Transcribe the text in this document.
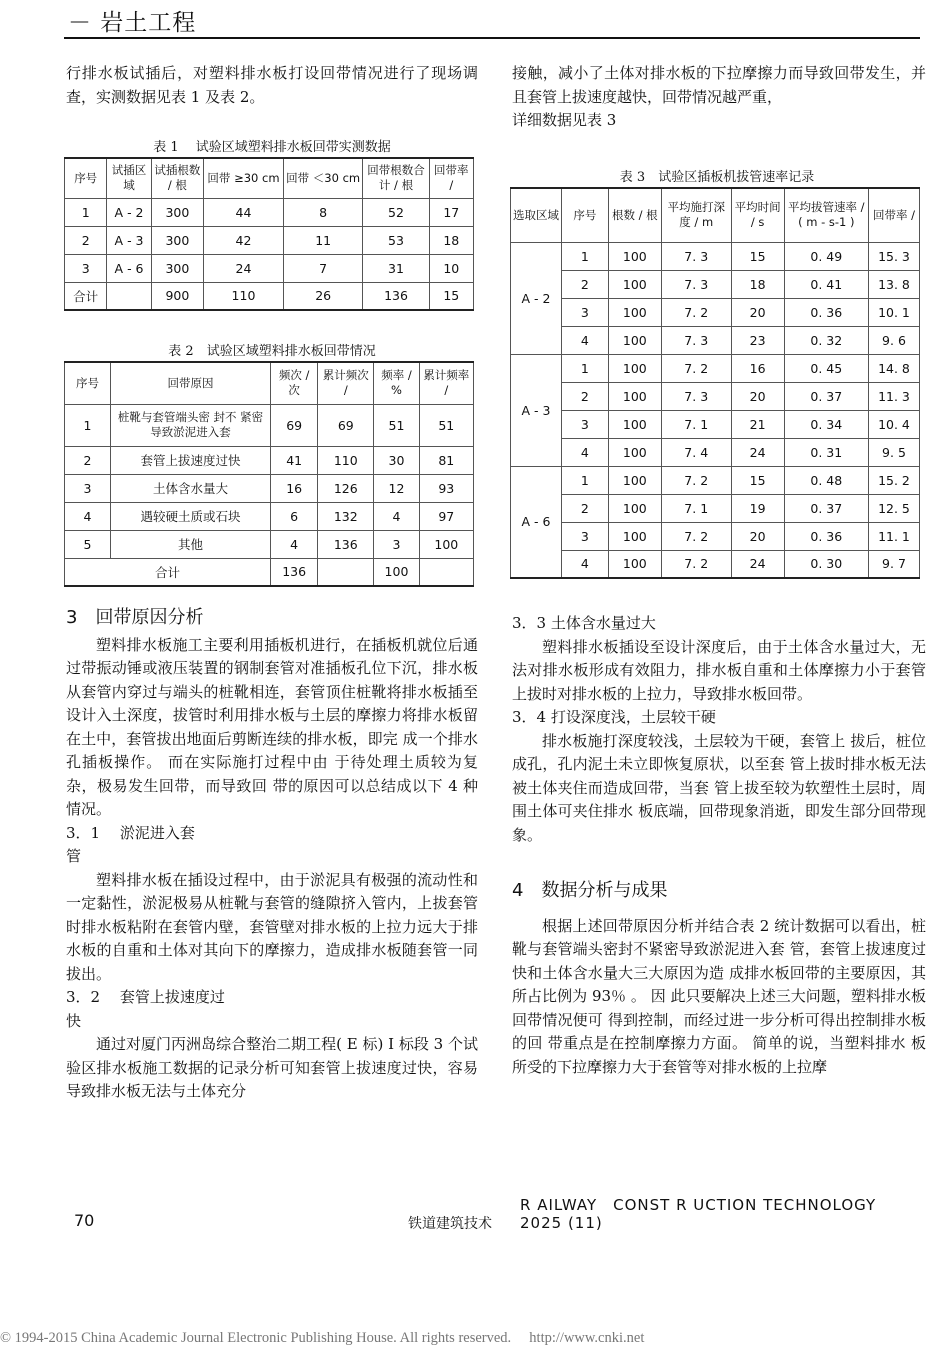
－ 岩土工程

行排水板试插后，对塑料排水板打设回带情况进行了现场调查，实测数据见表 1 及表 2。

表 1　 试验区域塑料排水板回带实测数据
序号	试插区域	试插根数 / 根	回带 ≥30 cm	回带 ＜30 cm	回带根数合计 / 根	回带率 /
1	A - 2	300	44	8	52	17
2	A - 3	300	42	11	53	18
3	A - 6	300	24	7	31	10
合计		900	110	26	136	15
表 2　试验区域塑料排水板回带情况
序号	回带原因	频次 / 次	累计频次 /	频率 / %	累计频率 /
1	桩靴与套管端头密 封不 紧密导致淤泥进入套	69	69	51	51
2	套管上拔速度过快	41	110	30	81
3	土体含水量大	16	126	12	93
4	遇较硬土质或石块	6	132	4	97
5	其他	4	136	3	100
合计		136		100	
3　回带原因分析

塑料排水板施工主要利用插板机进行，在插板机就位后通过带振动锤或液压装置的钢制套管对准插板孔位下沉，排水板从套管内穿过与端头的桩靴相连，套管顶住桩靴将排水板插至设计入土深度，拔管时利用排水板与土层的摩擦力将排水板留在土中，套管拔出地面后剪断连续的排水板，即完 成一个排水孔插板操作。 而在实际施打过程中由 于待处理土质较为复杂，极易发生回带，而导致回 带的原因可以总结成以下 4 种情况。

3．1　 淤泥进入套

管

塑料排水板在插设过程中，由于淤泥具有极强的流动性和一定黏性，淤泥极易从桩靴与套管的缝隙挤入管内，上拔套管时排水板粘附在套管内壁，套管壁对排水板的上拉力远大于排水板的自重和土体对其向下的摩擦力，造成排水板随套管一同拔出。

3．2　 套管上拔速度过

快

通过对厦门丙洲岛综合整治二期工程( E 标) I 标段 3 个试验区排水板施工数据的记录分析可知套管上拔速度过快，容易导致排水板无法与土体充分

接触，减小了土体对排水板的下拉摩擦力而导致回带发生，并且套管上拔速度越快，回带情况越严重，

详细数据见表 3

表 3　试验区插板机拔管速率记录
选取区域	序号	根数 / 根	平均施打深度 / m	平均时间 / s	平均拔管速率 / ( m - s-1 )	回带率 /
A - 2	1	100	7. 3	15	0. 49	15. 3
	2	100	7. 3	18	0. 41	13. 8
	3	100	7. 2	20	0. 36	10. 1
	4	100	7. 3	23	0. 32	9. 6
A - 3	1	100	7. 2	16	0. 45	14. 8
	2	100	7. 3	20	0. 37	11. 3
	3	100	7. 1	21	0. 34	10. 4
	4	100	7. 4	24	0. 31	9. 5
A - 6	1	100	7. 2	15	0. 48	15. 2
	2	100	7. 1	19	0. 37	12. 5
	3	100	7. 2	20	0. 36	11. 1
	4	100	7. 2	24	0. 30	9. 7

3．3 土体含水量过大

塑料排水板插设至设计深度后，由于土体含水量过大，无法对排水板形成有效阻力，排水板自重和土体摩擦力小于套管上拔时对排水板的上拉力，导致排水板回带。

3．4 打设深度浅，土层较干硬

排水板施打深度较浅，土层较为干硬，套管上 拔后，桩位成孔，孔内泥土未立即恢复原状，以至套 管上拔时排水板无法被土体夹住而造成回带，当套 管上拔至较为软塑性土层时，周围土体可夹住排水 板底端，回带现象消逝，即发生部分回带现象。

4　数据分析与成果

根据上述回带原因分析并结合表 2 统计数据可以看出，桩靴与套管端头密封不紧密导致淤泥进入套 管，套管上拔速度过快和土体含水量大三大原因为造 成排水板回带的主要原因，其所占比例为 93％ 。 因 此只要解决上述三大问题，塑料排水板回带情况便可 得到控制，而经过进一步分析可得出控制排水板的回 带重点是在控制摩擦力方面。 简单的说，当塑料排水 板所受的下拉摩擦力大于套管等对排水板的上拉摩

70	铁道建筑技术
R AILWAY　CONST R UCTION TECHNOLOGY
2025 (11)
© 1994-2015 China Academic Journal Electronic Publishing House. All rights reserved.　 http://www.cnki.net
